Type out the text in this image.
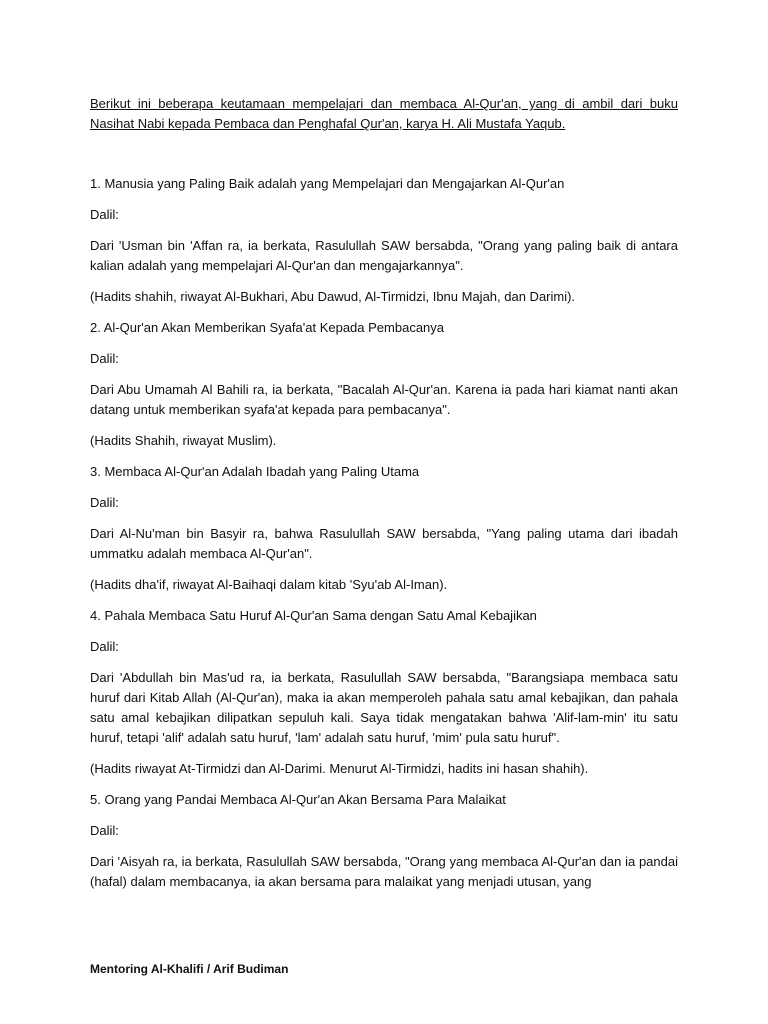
Berikut ini beberapa keutamaan mempelajari dan membaca Al-Qur'an, yang di ambil dari buku Nasihat Nabi kepada Pembaca dan Penghafal Qur'an, karya H. Ali Mustafa Yaqub.

1. Manusia yang Paling Baik adalah yang Mempelajari dan Mengajarkan Al-Qur'an

Dalil:

Dari 'Usman bin 'Affan ra, ia berkata, Rasulullah SAW bersabda, "Orang yang paling baik di antara kalian adalah yang mempelajari Al-Qur'an dan mengajarkannya".

(Hadits shahih, riwayat Al-Bukhari, Abu Dawud, Al-Tirmidzi, Ibnu Majah, dan Darimi).

2. Al-Qur'an Akan Memberikan Syafa'at Kepada Pembacanya

Dalil:

Dari Abu Umamah Al Bahili ra, ia berkata, "Bacalah Al-Qur'an. Karena ia pada hari kiamat nanti akan datang untuk memberikan syafa'at kepada para pembacanya".

(Hadits Shahih, riwayat Muslim).

3. Membaca Al-Qur'an Adalah Ibadah yang Paling Utama

Dalil:

Dari Al-Nu'man bin Basyir ra, bahwa Rasulullah SAW bersabda, "Yang paling utama dari ibadah ummatku adalah membaca Al-Qur'an".

(Hadits dha'if, riwayat Al-Baihaqi dalam kitab 'Syu'ab Al-Iman).

4. Pahala Membaca Satu Huruf Al-Qur'an Sama dengan Satu Amal Kebajikan

Dalil:

Dari 'Abdullah bin Mas'ud ra, ia berkata, Rasulullah SAW bersabda, "Barangsiapa membaca satu huruf dari Kitab Allah (Al-Qur'an), maka ia akan memperoleh pahala satu amal kebajikan, dan pahala satu amal kebajikan dilipatkan sepuluh kali. Saya tidak mengatakan bahwa 'Alif-lam-min' itu satu huruf, tetapi 'alif' adalah satu huruf, 'lam' adalah satu huruf, 'mim' pula satu huruf".

(Hadits riwayat At-Tirmidzi dan Al-Darimi. Menurut Al-Tirmidzi, hadits ini hasan shahih).

5. Orang yang Pandai Membaca Al-Qur'an Akan Bersama Para Malaikat

Dalil:

Dari 'Aisyah ra, ia berkata, Rasulullah SAW bersabda, "Orang yang membaca Al-Qur'an dan ia pandai (hafal) dalam membacanya, ia akan bersama para malaikat yang menjadi utusan, yang

Mentoring Al-Khalifi / Arif Budiman
